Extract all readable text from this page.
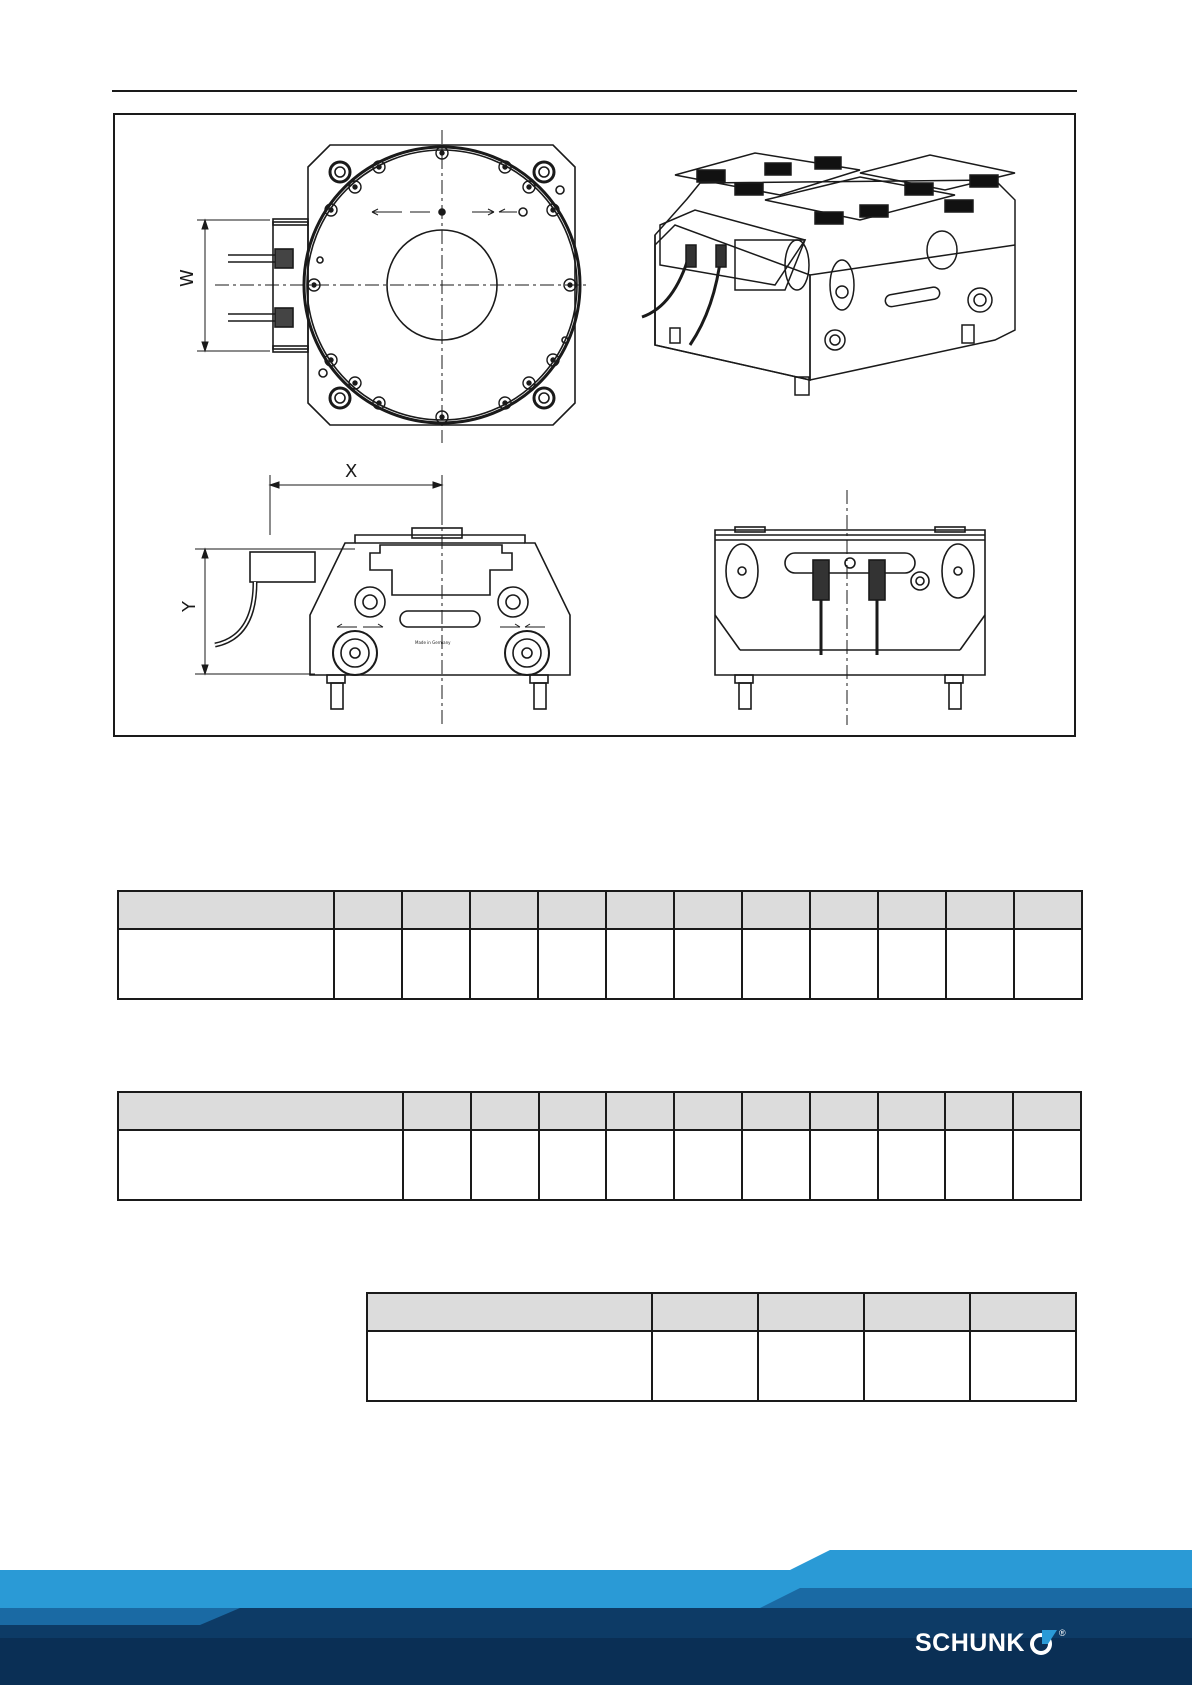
W
X
Y
Made in Germany

SCHUNK	®
